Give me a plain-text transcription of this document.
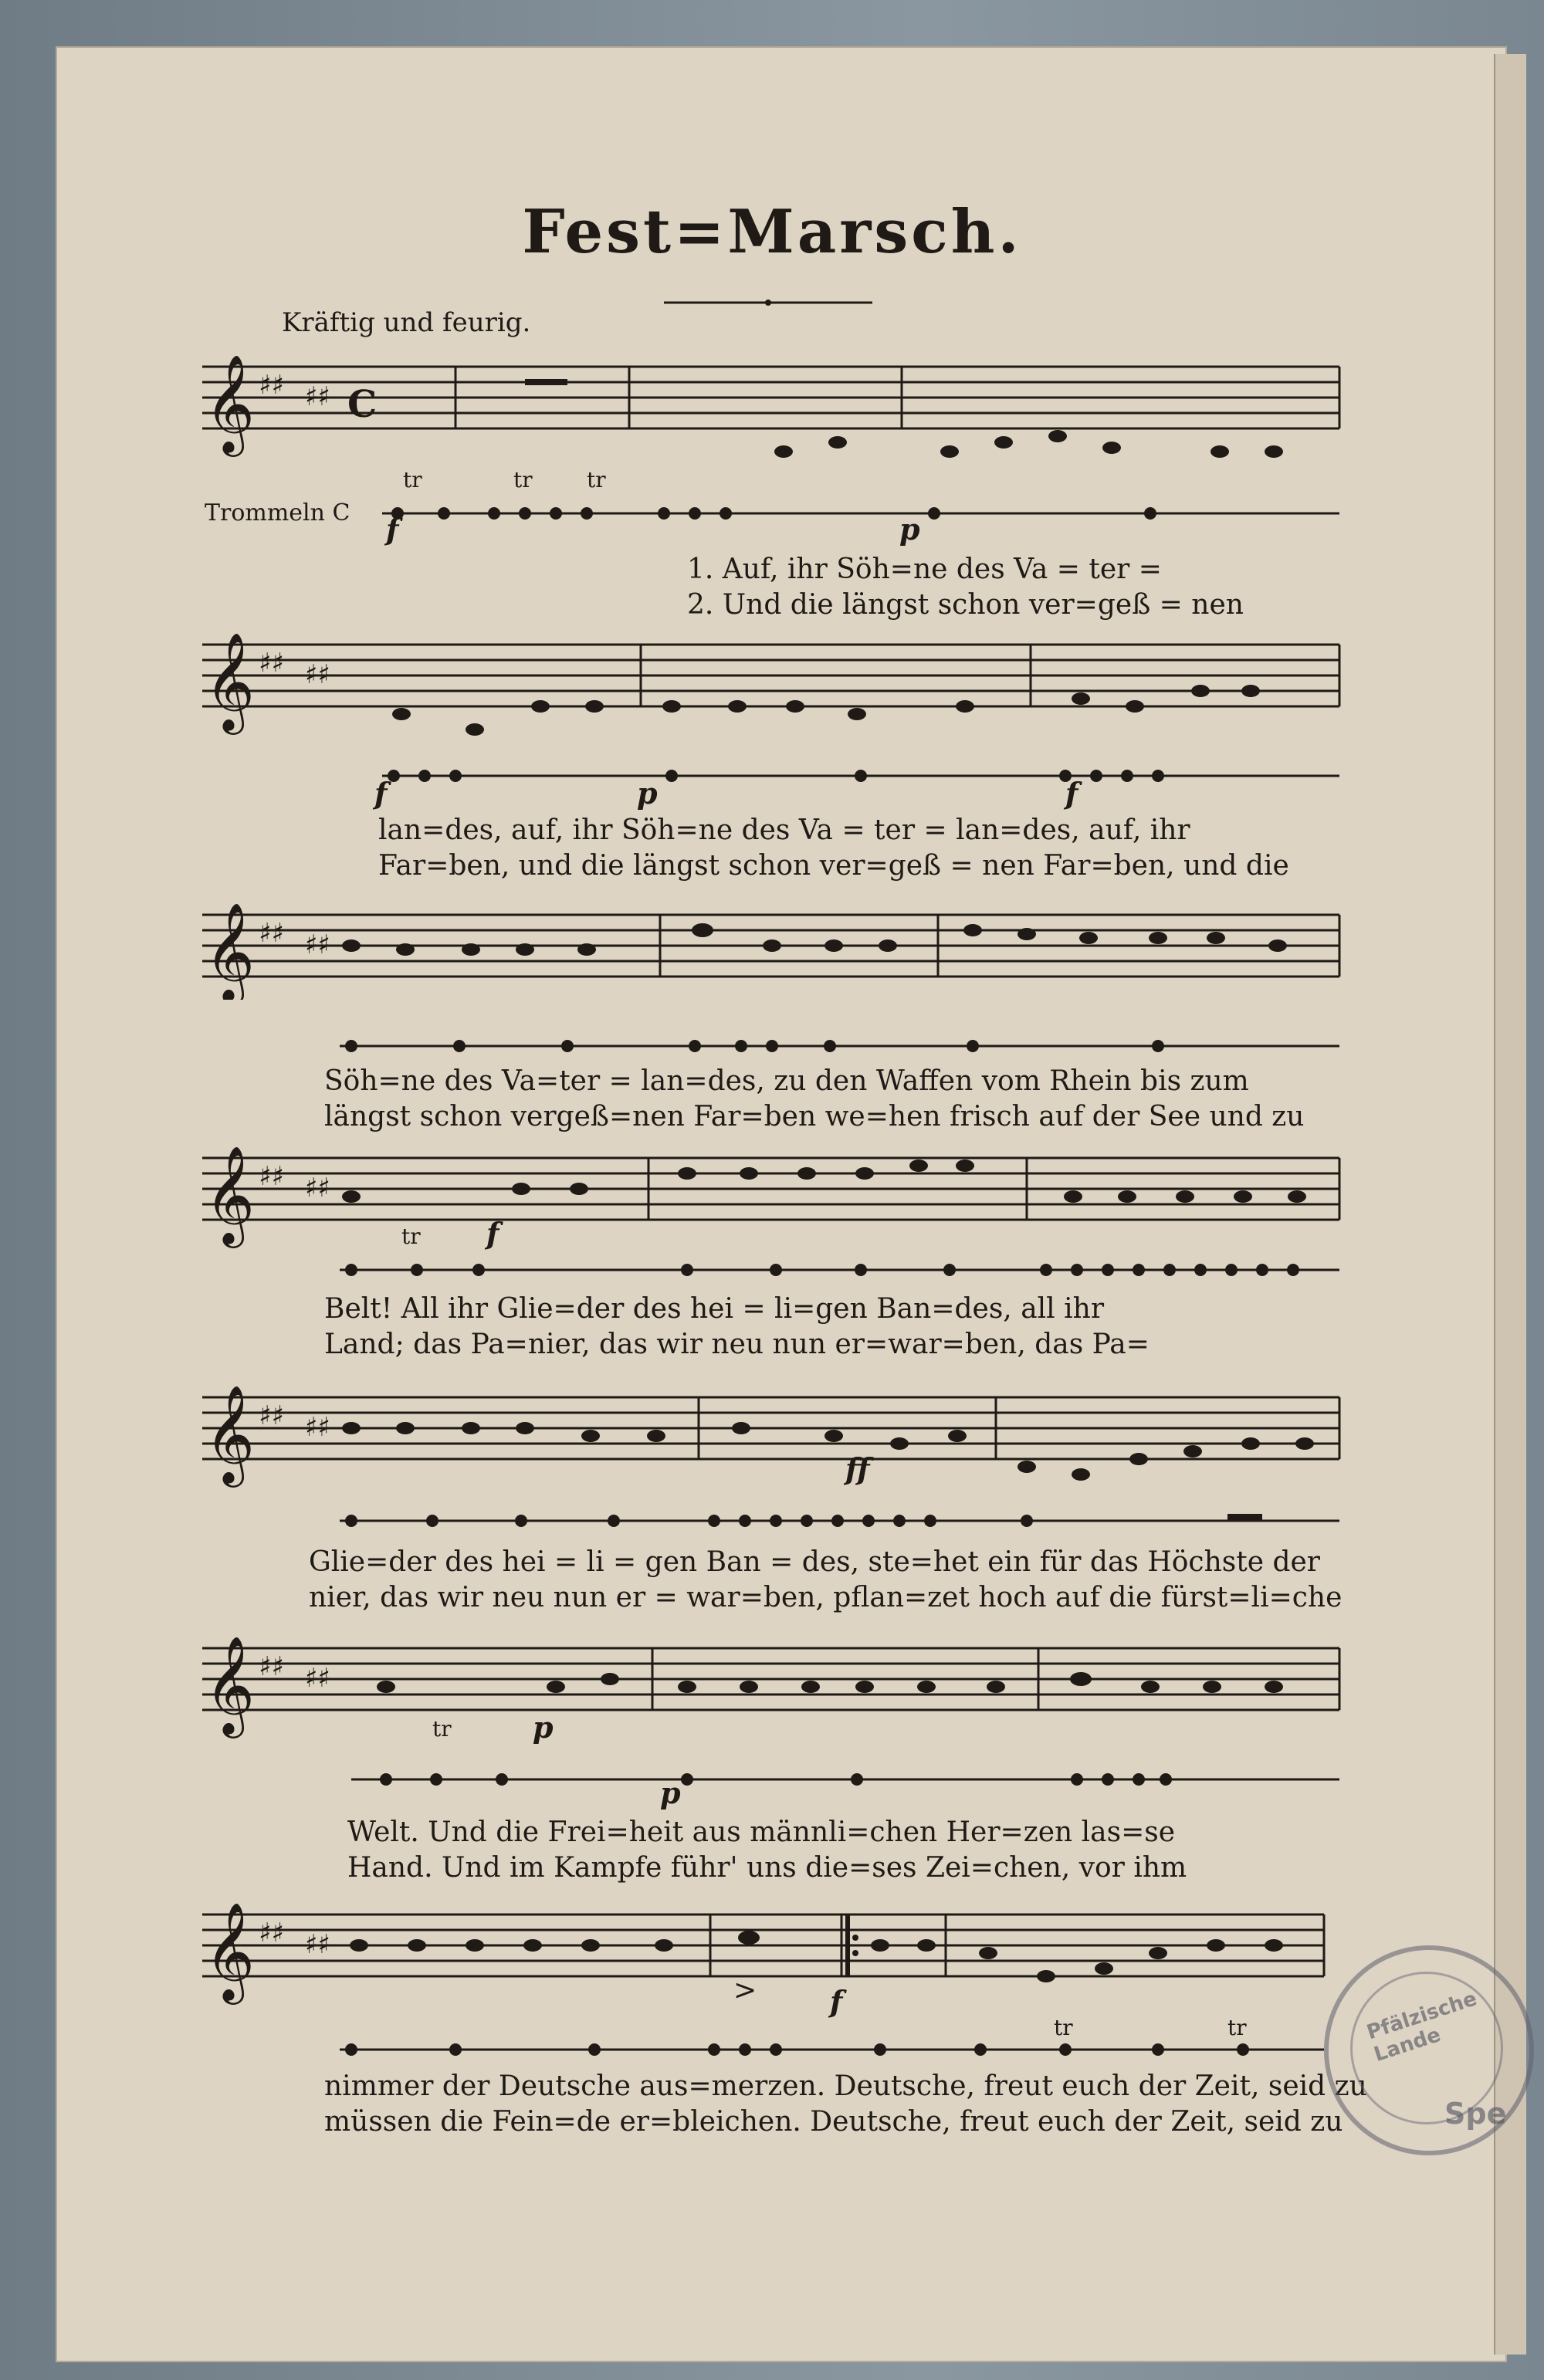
Fest=Marsch.
Kräftig und feurig.
𝄞 ♯♯ ♯♯ C
Trommeln C
tr	tr	tr
f	p
1. Auf, ihr Söh=ne des Va = ter =
2. Und die längst schon ver=geß = nen
𝄞 ♯♯ ♯♯
f	p	f
lan=des, auf, ihr Söh=ne des Va = ter = lan=des, auf, ihr
Far=ben, und die längst schon ver=geß = nen Far=ben, und die
𝄞 ♯♯ ♯♯
Söh=ne des Va=ter = lan=des, zu den Waffen vom Rhein bis zum
längst schon vergeß=nen Far=ben we=hen frisch auf der See und zu
𝄞 ♯♯ ♯♯
tr f
Belt! All ihr Glie=der des hei = li=gen Ban=des, all ihr
Land; das Pa=nier, das wir neu nun er=war=ben, das Pa=
𝄞 ♯♯ ♯♯
ff
Glie=der des hei = li = gen Ban = des, ste=het ein für das Höchste der
nier, das wir neu nun er = war=ben, pflan=zet hoch auf die fürst=li=che
𝄞 ♯♯ ♯♯
tr	p
p
Welt. Und die Frei=heit aus männli=chen Her=zen las=se
Hand. Und im Kampfe führ' uns die=ses Zei=chen, vor ihm
𝄞 ♯♯ ♯♯
> f
tr	tr
nimmer der Deutsche aus=merzen. Deutsche, freut euch der Zeit, seid zu
müssen die Fein=de er=bleichen. Deutsche, freut euch der Zeit, seid zu
Pfälzische Lande
Spe
